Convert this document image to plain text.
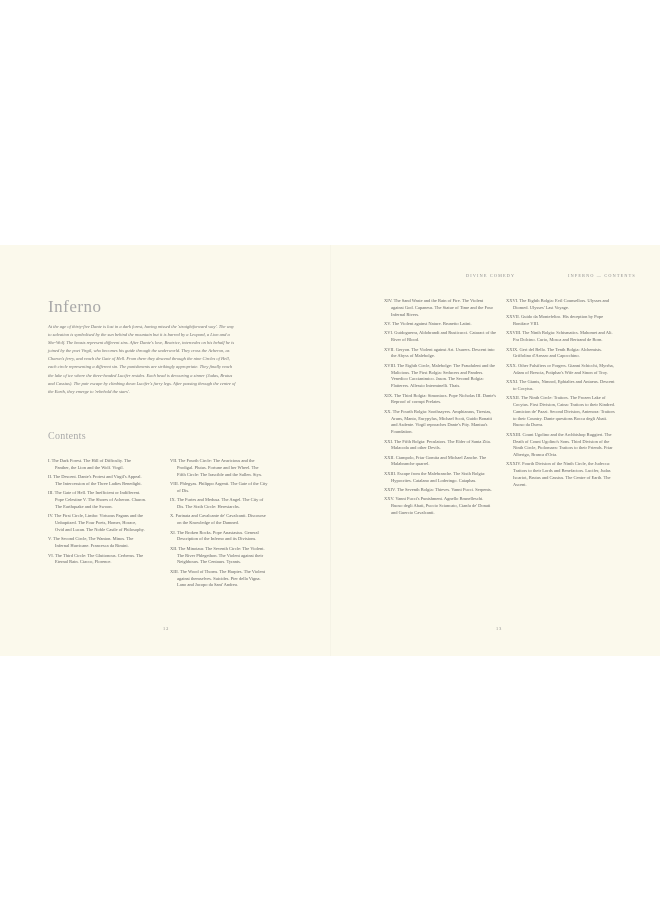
DIVINE COMEDY	INFERNO — CONTENTS
Inferno

At the age of thirty-five Dante is lost in a dark forest, having missed the 'straightforward way'. The way to salvation is symbolised by the sun behind the mountain but it is barred by a Leopard, a Lion and a She-Wolf. The beasts represent different sins. After Dante's love, Beatrice, intercedes on his behalf he is joined by the poet Virgil, who becomes his guide through the underworld. They cross the Acheron, as Charon's ferry, and reach the Gate of Hell. From there they descend through the nine Circles of Hell, each circle representing a different sin. The punishments are strikingly appropriate. They finally reach the lake of ice where the three-headed Lucifer resides. Each head is devouring a sinner (Judas, Brutus and Cassius). The pair escape by climbing down Lucifer's furry legs. After passing through the centre of the Earth, they emerge to 'rebehold the stars'.

Contents

I. The Dark Forest. The Hill of Difficulty. The Panther, the Lion and the Wolf. Virgil.

II. The Descent. Dante's Protest and Virgil's Appeal. The Intercession of the Three Ladies Benedight.

III. The Gate of Hell. The Inefficient or Indifferent. Pope Celestine V. The Shores of Acheron. Charon. The Earthquake and the Swoon.

IV. The First Circle, Limbo: Virtuous Pagans and the Unbaptized. The Four Poets, Homer, Horace, Ovid and Lucan. The Noble Castle of Philosophy.

V. The Second Circle, The Wanton. Minos. The Infernal Hurricane. Francesca da Rimini.

VI. The Third Circle: The Gluttonous. Cerberus. The Eternal Rain. Ciacco, Florence.

VII. The Fourth Circle: The Avaricious and the Prodigal. Plutus. Fortune and her Wheel. The Fifth Circle: The Irascible and the Sullen. Styx.

VIII. Phlegyas. Philippo Argenti. The Gate of the City of Dis.

IX. The Furies and Medusa. The Angel. The City of Dis. The Sixth Circle: Heresiarchs.

X. Farinata and Cavalcante de' Cavalcanti. Discourse on the Knowledge of the Damned.

XI. The Broken Rocks. Pope Anastasius. General Description of the Inferno and its Divisions.

XII. The Minotaur. The Seventh Circle: The Violent. The River Phlegethon. The Violent against their Neighbours. The Centaurs. Tyrants.

XIII. The Wood of Thorns. The Harpies. The Violent against themselves. Suicides. Pier della Vigna. Lano and Jacopo da Sant' Andrea.

XIV. The Sand Waste and the Rain of Fire. The Violent against God. Capaneus. The Statue of Time and the Four Infernal Rivers.

XV. The Violent against Nature. Brunetto Latini.

XVI. Guidoguerra, Aldobrandi and Rusticucci. Cataract of the River of Blood.

XVII. Geryon. The Violent against Art. Usurers. Descent into the Abyss of Malebolge.

XVIII. The Eighth Circle, Malebolge: The Fraudulent and the Malicious. The First Bolgia: Seducers and Panders. Venedico Caccianimico. Jason. The Second Bolgia: Flatterers. Allessio Interminelli. Thais.

XIX. The Third Bolgia: Simoniacs. Pope Nicholas III. Dante's Reproof of corrupt Prelates.

XX. The Fourth Bolgia: Soothsayers. Amphiaraus, Tiresias, Aruns, Manto, Eurypylus, Michael Scott, Guido Bonatti and Asdente. Virgil reproaches Dante's Pity. Mantua's Foundation.

XXI. The Fifth Bolgia: Peculators. The Elder of Santa Zita. Malacoda and other Devils.

XXII. Ciampolo, Friar Gomita and Michael Zanche. The Malabranche quarrel.

XXIII. Escape from the Malebranche. The Sixth Bolgia: Hypocrites. Catalano and Loderingo. Caiaphas.

XXIV. The Seventh Bolgia: Thieves. Vanni Fucci. Serpents.

XXV. Vanni Fucci's Punishment. Agnello Brunelleschi. Buoso degli Abati, Puccio Sciancato, Cianfa de' Donati and Guercio Cavalcanti.

XXVI. The Eighth Bolgia: Evil Counsellors. Ulysses and Diomed. Ulysses' Last Voyage.

XXVII. Guido da Montefeltro. His deception by Pope Boniface VIII.

XXVIII. The Ninth Bolgia: Schismatics. Mahomet and Ali. Fra Dolcino. Curio, Mosca and Bertrand de Born.

XXIX. Geri del Bello. The Tenth Bolgia: Alchemists. Griffolino d'Arezzo and Capocchino.

XXX. Other Falsifiers or Forgers. Gianni Schicchi, Myrrha, Adam of Brescia, Potiphar's Wife and Sinon of Troy.

XXXI. The Giants, Nimrod, Ephialtes and Antaeus. Descent to Cocytus.

XXXII. The Ninth Circle: Traitors. The Frozen Lake of Cocytus. First Division, Caina: Traitors to their Kindred. Camicion de' Pazzi. Second Division, Antenora: Traitors to their Country. Dante questions Bocca degli Abati. Buoso da Duera.

XXXIII. Count Ugolino and the Archbishop Ruggieri. The Death of Count Ugolino's Sons. Third Division of the Ninth Circle, Ptolomaea: Traitors to their Friends. Friar Alberigo, Branca d'Oria.

XXXIV. Fourth Division of the Ninth Circle, the Judecca: Traitors to their Lords and Benefactors. Lucifer, Judas Iscariot, Brutus and Cassius. The Centre of Earth. The Ascent.

12	13
